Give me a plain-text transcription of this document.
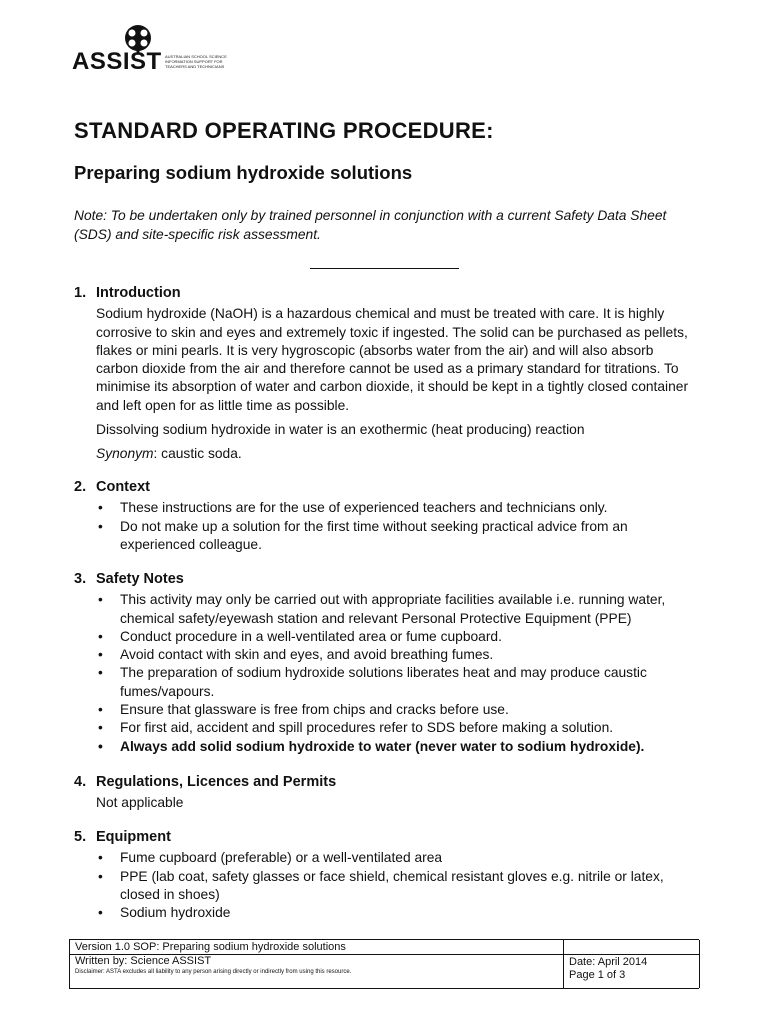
ASSIST AUSTRALIAN SCHOOL SCIENCE INFORMATION SUPPORT FOR TEACHERS AND TECHNICIANS
STANDARD OPERATING PROCEDURE:
Preparing sodium hydroxide solutions

Note: To be undertaken only by trained personnel in conjunction with a current Safety Data Sheet (SDS) and site-specific risk assessment.

1. Introduction

Sodium hydroxide (NaOH) is a hazardous chemical and must be treated with care. It is highly corrosive to skin and eyes and extremely toxic if ingested. The solid can be purchased as pellets, flakes or mini pearls. It is very hygroscopic (absorbs water from the air) and will also absorb carbon dioxide from the air and therefore cannot be used as a primary standard for titrations. To minimise its absorption of water and carbon dioxide, it should be kept in a tightly closed container and left open for as little time as possible.

Dissolving sodium hydroxide in water is an exothermic (heat producing) reaction

Synonym: caustic soda.

2. Context
• These instructions are for the use of experienced teachers and technicians only.
• Do not make up a solution for the first time without seeking practical advice from an experienced colleague.
3. Safety Notes
• This activity may only be carried out with appropriate facilities available i.e. running water, chemical safety/eyewash station and relevant Personal Protective Equipment (PPE)
• Conduct procedure in a well-ventilated area or fume cupboard.
• Avoid contact with skin and eyes, and avoid breathing fumes.
• The preparation of sodium hydroxide solutions liberates heat and may produce caustic fumes/vapours.
• Ensure that glassware is free from chips and cracks before use.
• For first aid, accident and spill procedures refer to SDS before making a solution.
• Always add solid sodium hydroxide to water (never water to sodium hydroxide).
4. Regulations, Licences and Permits
Not applicable
5. Equipment
• Fume cupboard (preferable) or a well-ventilated area
• PPE (lab coat, safety glasses or face shield, chemical resistant gloves e.g. nitrile or latex, closed in shoes)
• Sodium hydroxide
Version 1.0 SOP: Preparing sodium hydroxide solutions
Written by: Science ASSIST
Disclaimer: ASTA excludes all liability to any person arising directly or indirectly from using this resource.
Date: April 2014
Page 1 of 3
